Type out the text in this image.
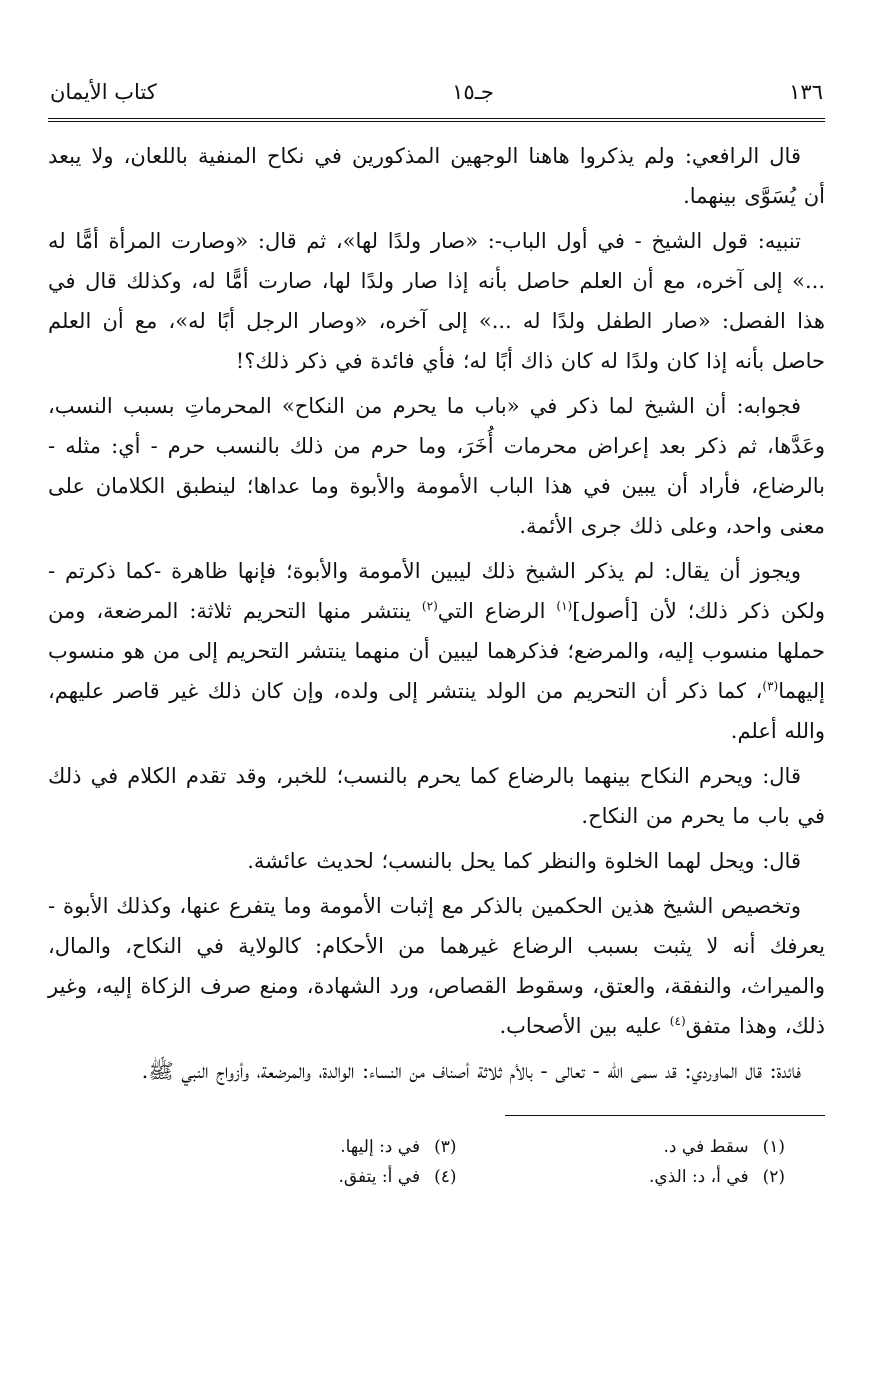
١٣٦
جـ١٥
كتاب الأيمان

قال الرافعي: ولم يذكروا هاهنا الوجهين المذكورين في نكاح المنفية باللعان، ولا يبعد أن يُسَوَّى بينهما.

تنبيه: قول الشيخ - في أول الباب-: «صار ولدًا لها»، ثم قال: «وصارت المرأة أمًّا له ...» إلى آخره، مع أن العلم حاصل بأنه إذا صار ولدًا لها، صارت أمًّا له، وكذلك قال في هذا الفصل: «صار الطفل ولدًا له ...» إلى آخره، «وصار الرجل أبًا له»، مع أن العلم حاصل بأنه إذا كان ولدًا له كان ذاك أبًا له؛ فأي فائدة في ذكر ذلك؟!

فجوابه: أن الشيخ لما ذكر في «باب ما يحرم من النكاح» المحرماتِ بسبب النسب، وعَدَّها، ثم ذكر بعد إعراض محرمات أُخَرَ، وما حرم من ذلك بالنسب حرم - أي: مثله - بالرضاع، فأراد أن يبين في هذا الباب الأمومة والأبوة وما عداها؛ لينطبق الكلامان على معنى واحد، وعلى ذلك جرى الأئمة.

ويجوز أن يقال: لم يذكر الشيخ ذلك ليبين الأمومة والأبوة؛ فإنها ظاهرة -كما ذكرتم - ولكن ذكر ذلك؛ لأن [أصول]$^{(١)}$ الرضاع التي$^{(٢)}$ ينتشر منها التحريم ثلاثة: المرضعة، ومن حملها منسوب إليه، والمرضع؛ فذكرهما ليبين أن منهما ينتشر التحريم إلى من هو منسوب إليهما$^{(٣)}$، كما ذكر أن التحريم من الولد ينتشر إلى ولده، وإن كان ذلك غير قاصر عليهم، والله أعلم.

قال: ويحرم النكاح بينهما بالرضاع كما يحرم بالنسب؛ للخبر، وقد تقدم الكلام في ذلك في باب ما يحرم من النكاح.

قال: ويحل لهما الخلوة والنظر كما يحل بالنسب؛ لحديث عائشة.

وتخصيص الشيخ هذين الحكمين بالذكر مع إثبات الأمومة وما يتفرع عنها، وكذلك الأبوة - يعرفك أنه لا يثبت بسبب الرضاع غيرهما من الأحكام: كالولاية في النكاح، والمال، والميراث، والنفقة، والعتق، وسقوط القصاص، ورد الشهادة، ومنع صرف الزكاة إليه، وغير ذلك، وهذا متفق$^{(٤)}$ عليه بين الأصحاب.

فائدة: قال الماوردي: قد سمى الله - تعالى - بالأم ثلاثة أصناف من النساء: الوالدة، والمرضعة، وأزواج النبي ﷺ.

(١)سقط في د.
(٣)في د: إليها.
(٢)في أ، د: الذي.
(٤)في أ: يتفق.
